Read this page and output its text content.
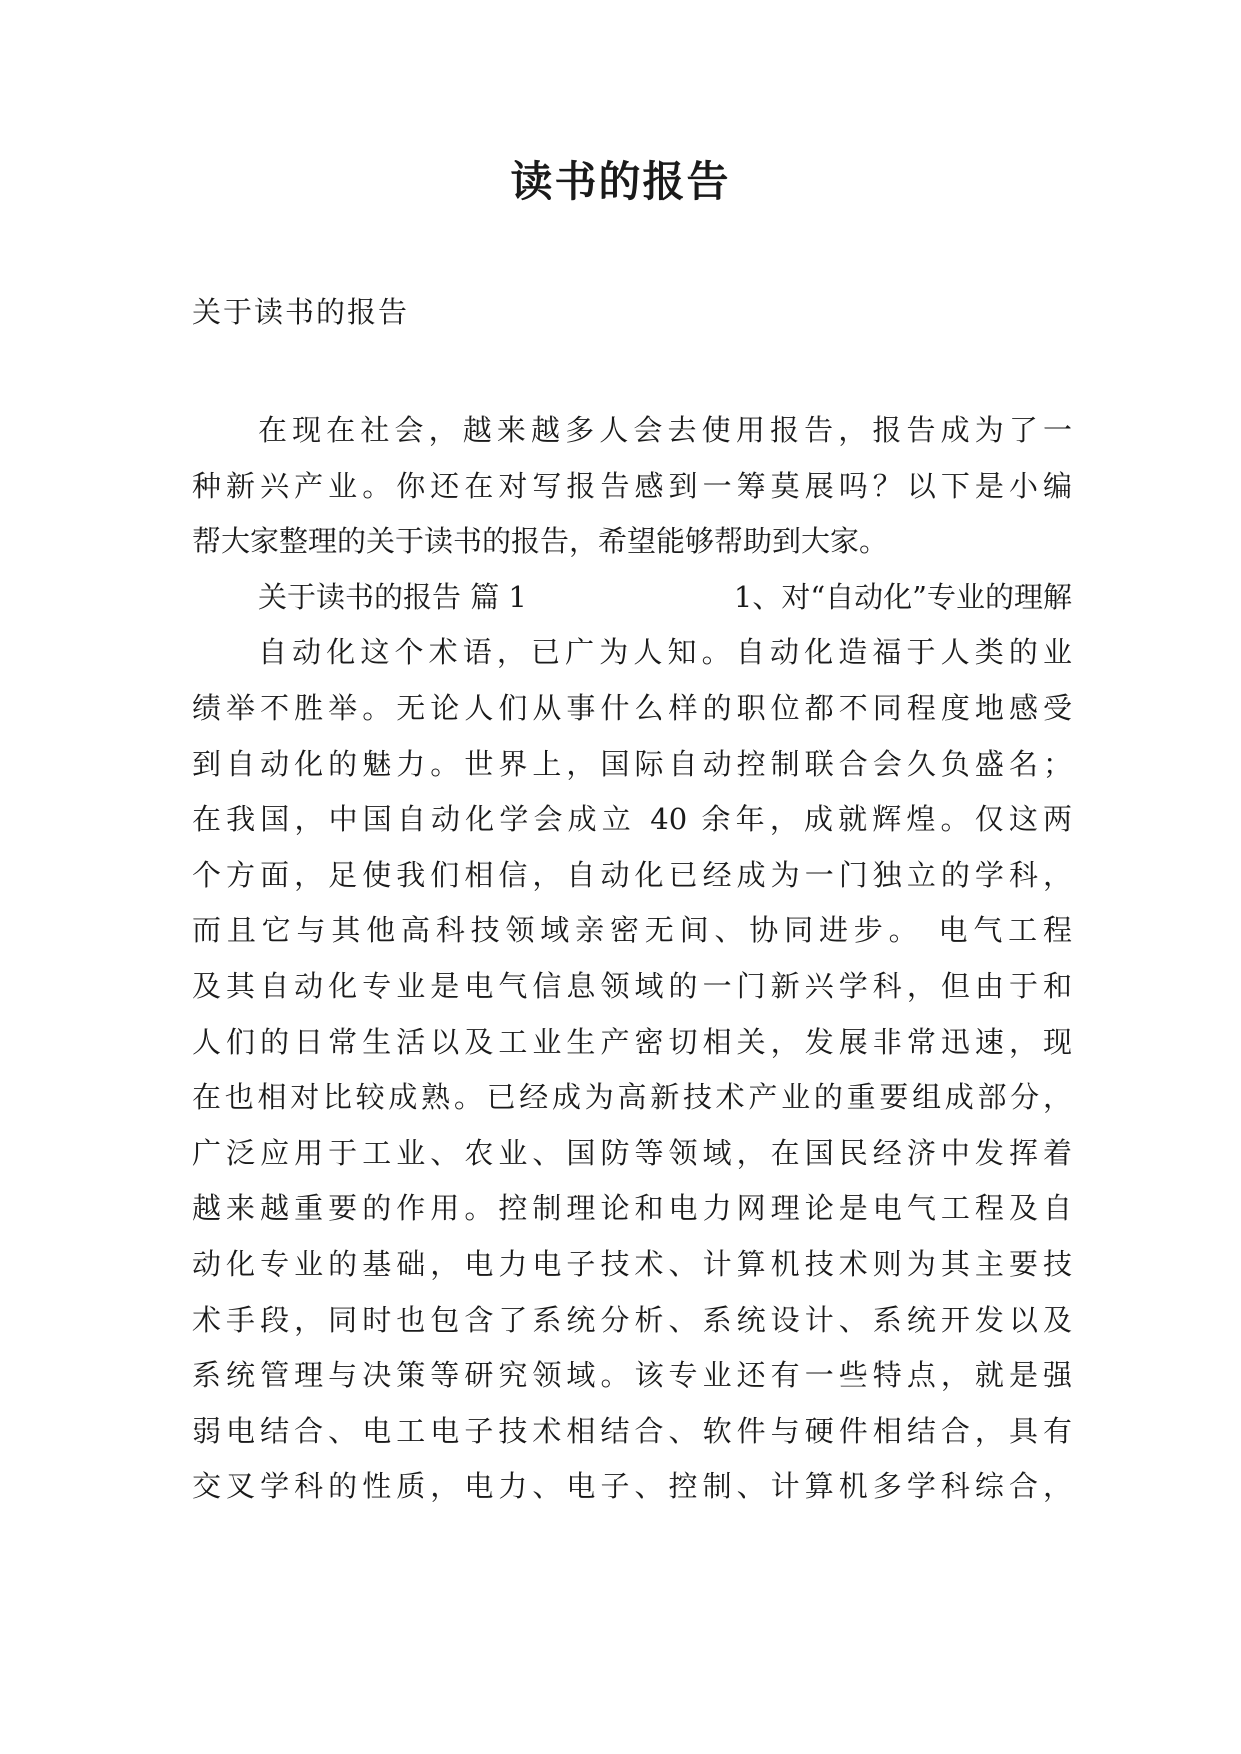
读书的报告
关于读书的报告
在现在社会，越来越多人会去使用报告，报告成为了一
种新兴产业。你还在对写报告感到一筹莫展吗？以下是小编
帮大家整理的关于读书的报告，希望能够帮助到大家。
关于读书的报告 篇 1	1、对“自动化”专业的理解
自动化这个术语，已广为人知。自动化造福于人类的业
绩举不胜举。无论人们从事什么样的职位都不同程度地感受
到自动化的魅力。世界上，国际自动控制联合会久负盛名；
在我国，中国自动化学会成立 40 余年，成就辉煌。仅这两
个方面，足使我们相信，自动化已经成为一门独立的学科，
而且它与其他高科技领域亲密无间、协同进步。 电气工程
及其自动化专业是电气信息领域的一门新兴学科，但由于和
人们的日常生活以及工业生产密切相关，发展非常迅速，现
在也相对比较成熟。已经成为高新技术产业的重要组成部分，
广泛应用于工业、农业、国防等领域，在国民经济中发挥着
越来越重要的作用。控制理论和电力网理论是电气工程及自
动化专业的基础，电力电子技术、计算机技术则为其主要技
术手段，同时也包含了系统分析、系统设计、系统开发以及
系统管理与决策等研究领域。该专业还有一些特点，就是强
弱电结合、电工电子技术相结合、软件与硬件相结合，具有
交叉学科的性质，电力、电子、控制、计算机多学科综合，
